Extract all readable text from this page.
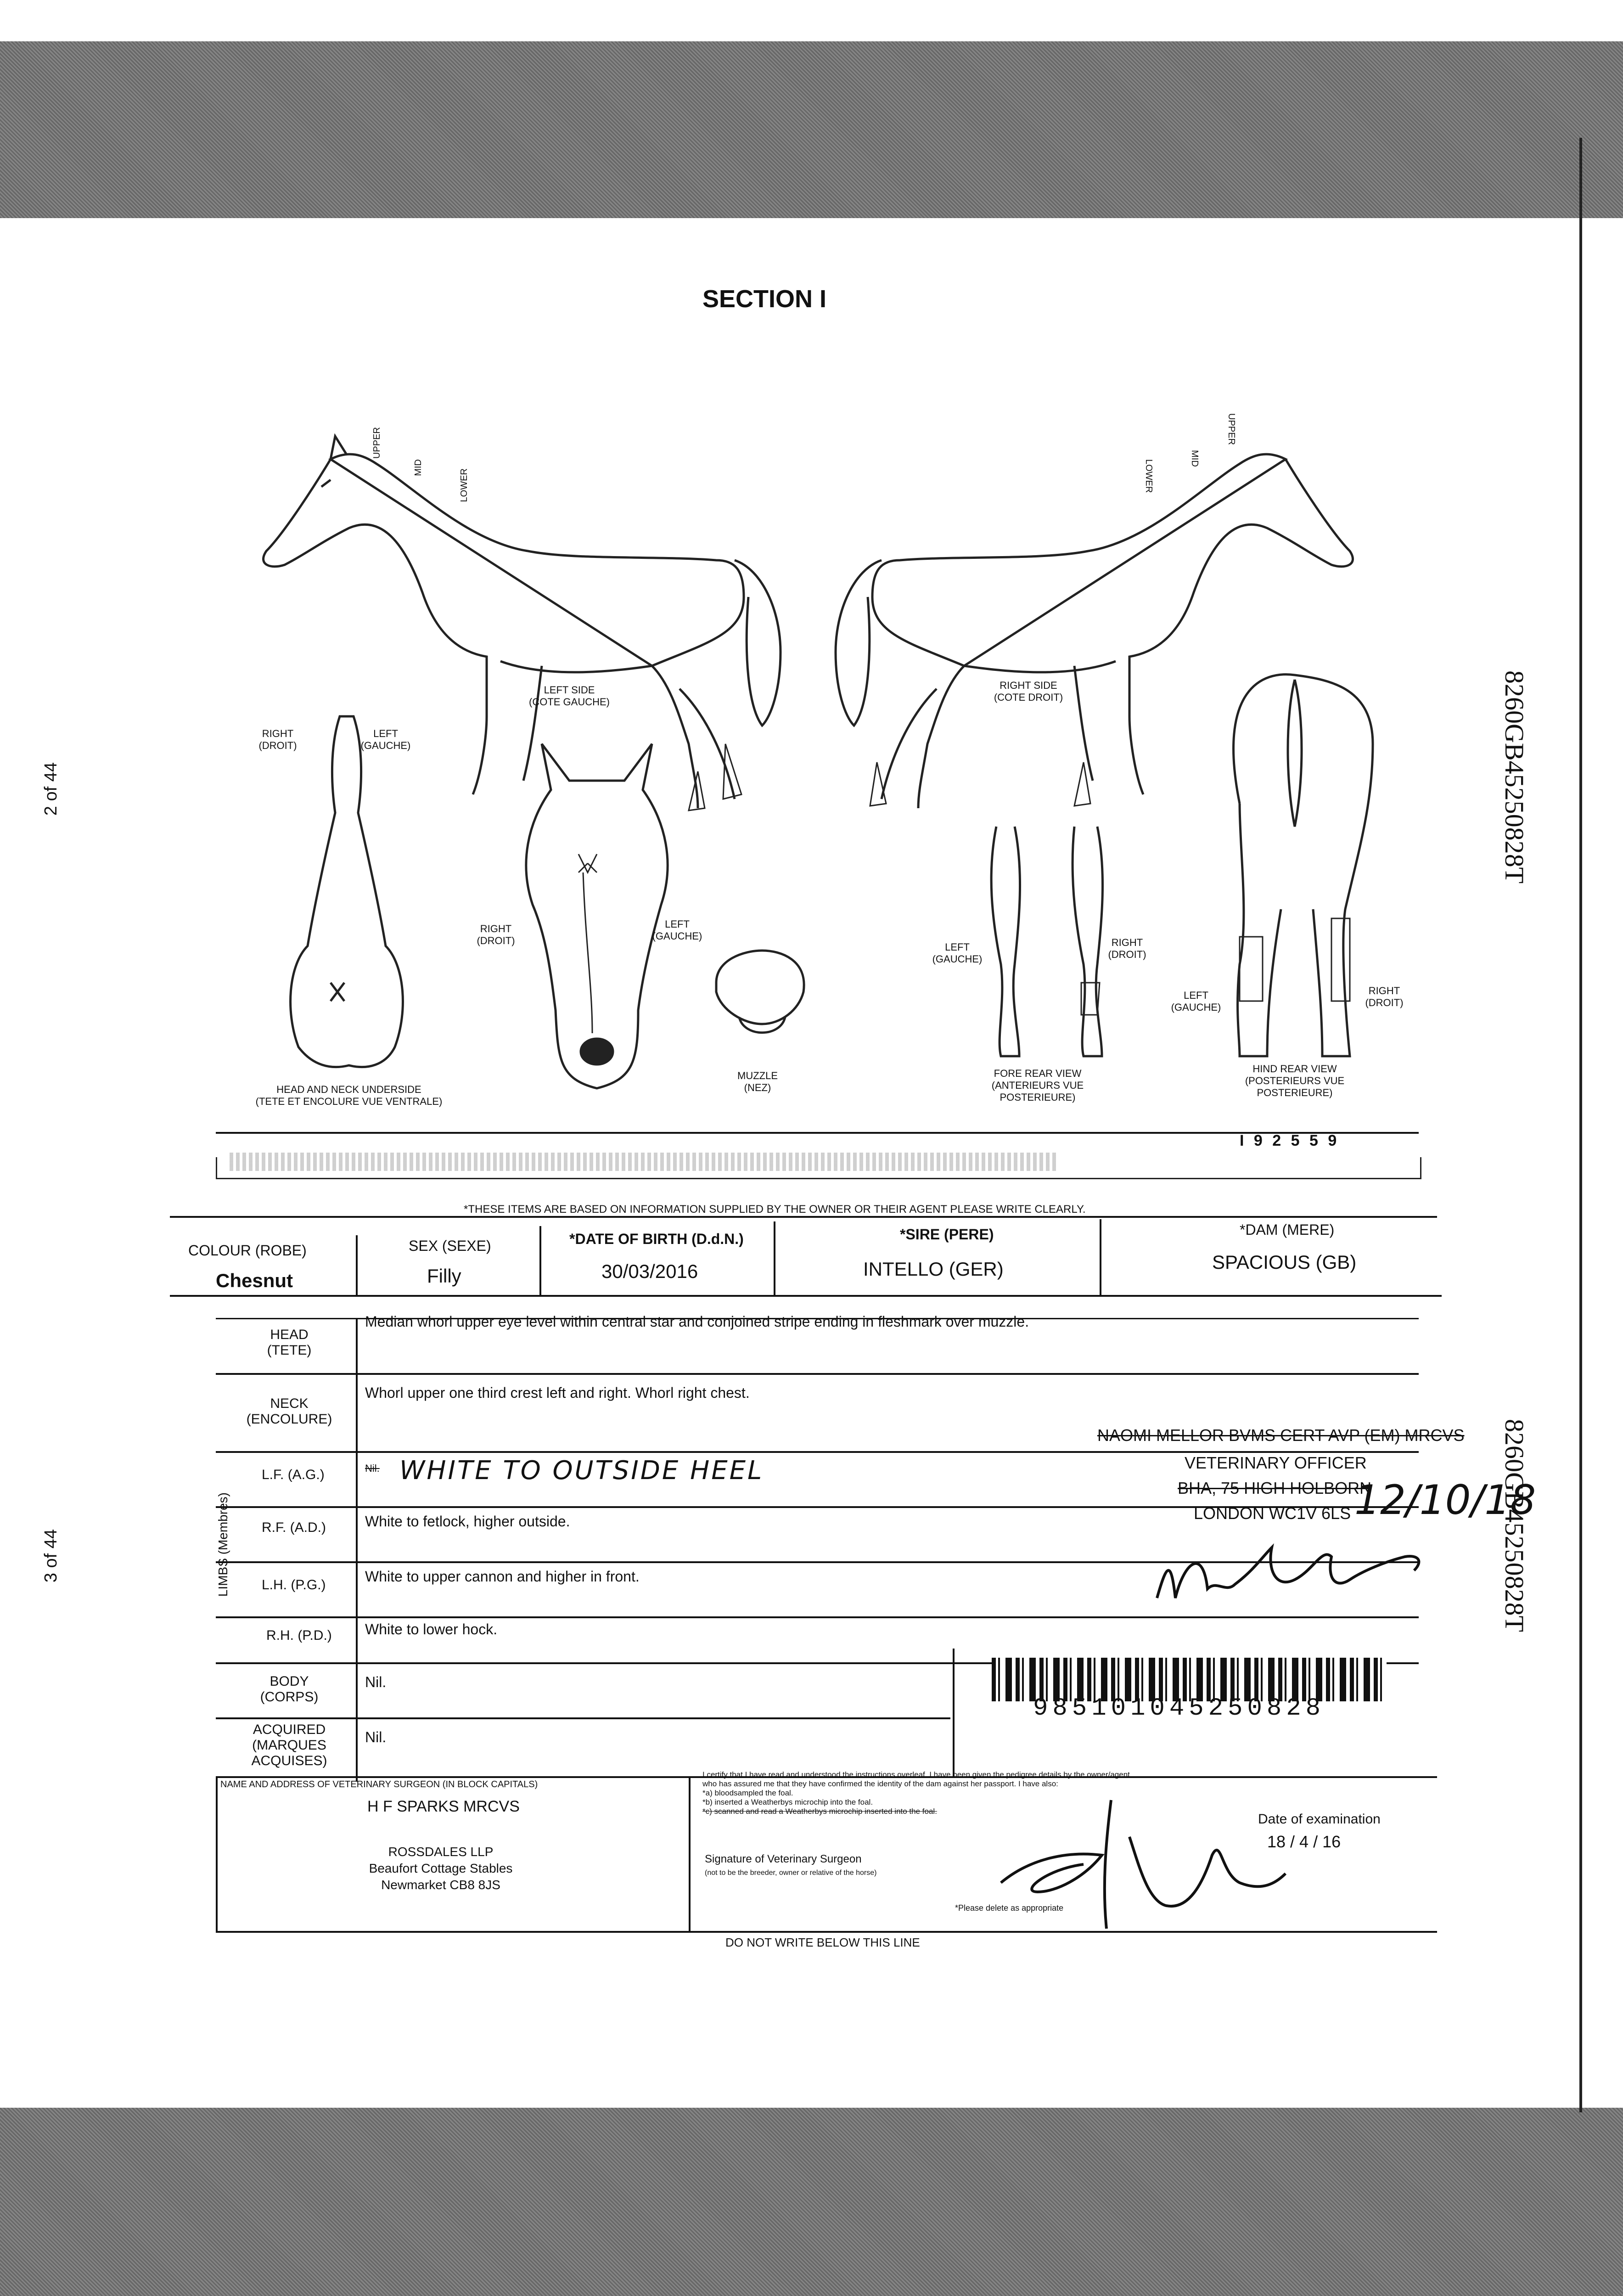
2 of 44
3 of 44
8260GB45250828T
8260GB45250828T
SECTION I
UPPER
MID
LOWER
UPPER
MID
LOWER
LEFT SIDE
(COTE GAUCHE)
RIGHT SIDE
(COTE DROIT)
RIGHT
(DROIT)
LEFT
(GAUCHE)
RIGHT
(DROIT)
LEFT
(GAUCHE)
LEFT
(GAUCHE)
RIGHT
(DROIT)
LEFT
(GAUCHE)
RIGHT
(DROIT)
HEAD AND NECK UNDERSIDE
(TETE ET ENCOLURE VUE VENTRALE)
MUZZLE
(NEZ)
FORE REAR VIEW
(ANTERIEURS VUE
POSTERIEURE)
HIND REAR VIEW
(POSTERIEURS VUE
POSTERIEURE)
I 9 2 5 5 9
*THESE ITEMS ARE BASED ON INFORMATION SUPPLIED BY THE OWNER OR THEIR AGENT PLEASE WRITE CLEARLY.
COLOUR (ROBE)
Chesnut
SEX (SEXE)
Filly
*DATE OF BIRTH (D.d.N.)
30/03/2016
*SIRE (PERE)
INTELLO (GER)
*DAM (MERE)
SPACIOUS (GB)
HEAD
(TETE)
Median whorl upper eye level within central star and conjoined stripe ending in fleshmark over muzzle.
NECK
(ENCOLURE)
Whorl upper one third crest left and right. Whorl right chest.
LIMBS (Membres)
L.F. (A.G.)	Nil. WHITE TO OUTSIDE HEEL
R.F. (A.D.)	White to fetlock, higher outside.
L.H. (P.G.)
White to upper cannon and higher in front.
R.H. (P.D.) White to lower hock.
BODY
(CORPS)
Nil.
ACQUIRED
(MARQUES
ACQUISES)
Nil.
NAOMI MELLOR BVMS CERT AVP (EM) MRCVS
VETERINARY OFFICER
BHA, 75 HIGH HOLBORN
LONDON WC1V 6LS 12/10/18
985101045250828
NAME AND ADDRESS OF VETERINARY SURGEON (IN BLOCK CAPITALS)
H F SPARKS MRCVS
ROSSDALES LLP
Beaufort Cottage Stables
Newmarket CB8 8JS
I certify that I have read and understood the instructions overleaf. I have been given the pedigree details by the owner/agent
who has assured me that they have confirmed the identity of the dam against her passport. I have also:
*a) bloodsampled the foal.
*b) inserted a Weatherbys microchip into the foal.
*c) scanned and read a Weatherbys microchip inserted into the foal.
Signature of Veterinary Surgeon
(not to be the breeder, owner or relative of the horse)
*Please delete as appropriate
Date of examination
18 / 4 / 16
DO NOT WRITE BELOW THIS LINE
